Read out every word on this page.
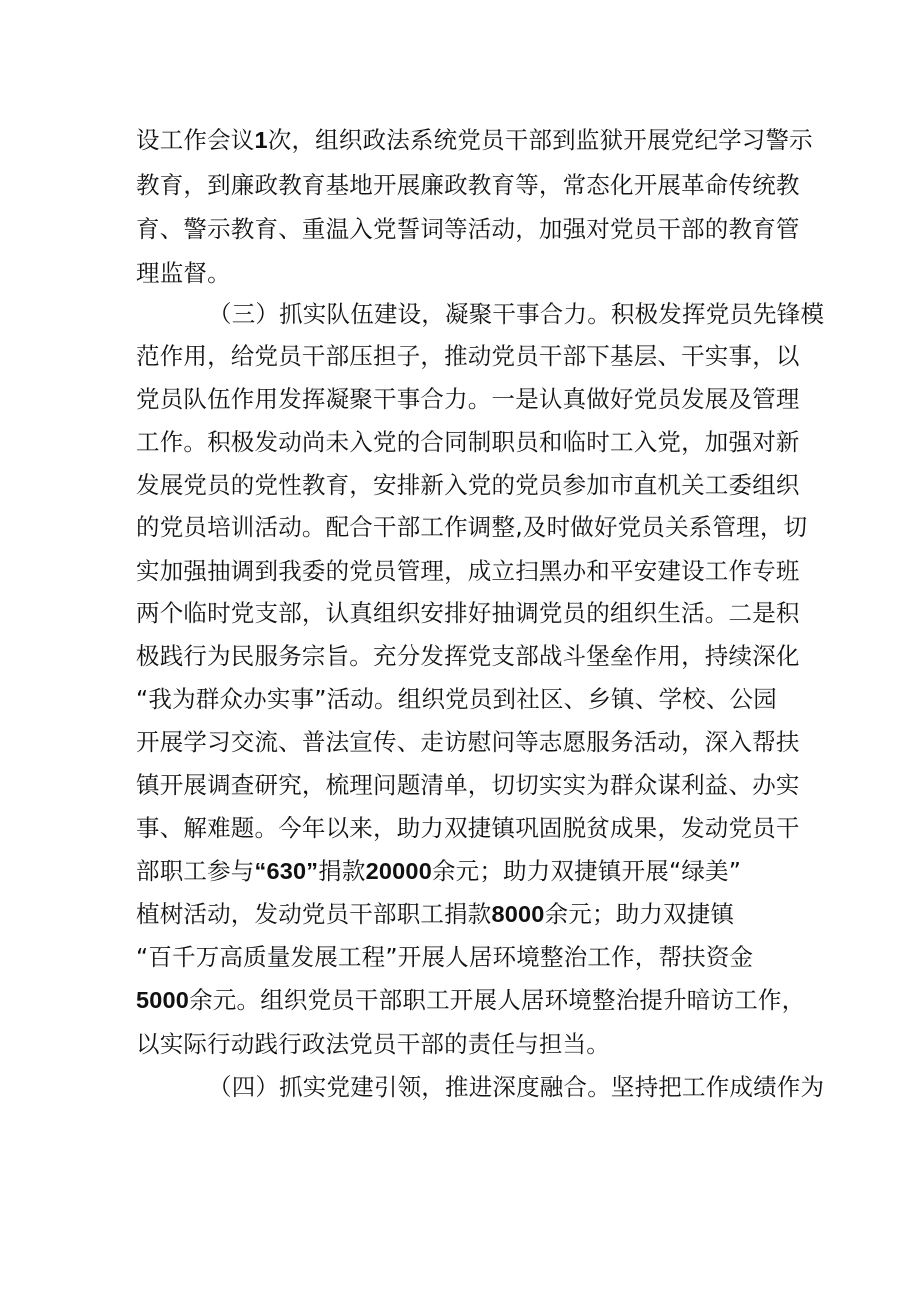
设工作会议1次，组织政法系统党员干部到监狱开展党纪学习警示
教育，到廉政教育基地开展廉政教育等，常态化开展革命传统教
育、警示教育、重温入党誓词等活动，加强对党员干部的教育管
理监督。
（三）抓实队伍建设，凝聚干事合力。积极发挥党员先锋模
范作用，给党员干部压担子，推动党员干部下基层、干实事，以
党员队伍作用发挥凝聚干事合力。一是认真做好党员发展及管理
工作。积极发动尚未入党的合同制职员和临时工入党，加强对新
发展党员的党性教育，安排新入党的党员参加市直机关工委组织
的党员培训活动。配合干部工作调整,及时做好党员关系管理，切
实加强抽调到我委的党员管理，成立扫黑办和平安建设工作专班
两个临时党支部，认真组织安排好抽调党员的组织生活。二是积
极践行为民服务宗旨。充分发挥党支部战斗堡垒作用，持续深化
“我为群众办实事”活动。组织党员到社区、乡镇、学校、公园
开展学习交流、普法宣传、走访慰问等志愿服务活动，深入帮扶
镇开展调查研究，梳理问题清单，切切实实为群众谋利益、办实
事、解难题。今年以来，助力双捷镇巩固脱贫成果，发动党员干
部职工参与“630”捐款20000余元；助力双捷镇开展“绿美”
植树活动，发动党员干部职工捐款8000余元；助力双捷镇
“百千万高质量发展工程”开展人居环境整治工作，帮扶资金
5000余元。组织党员干部职工开展人居环境整治提升暗访工作，
以实际行动践行政法党员干部的责任与担当。
（四）抓实党建引领，推进深度融合。坚持把工作成绩作为
